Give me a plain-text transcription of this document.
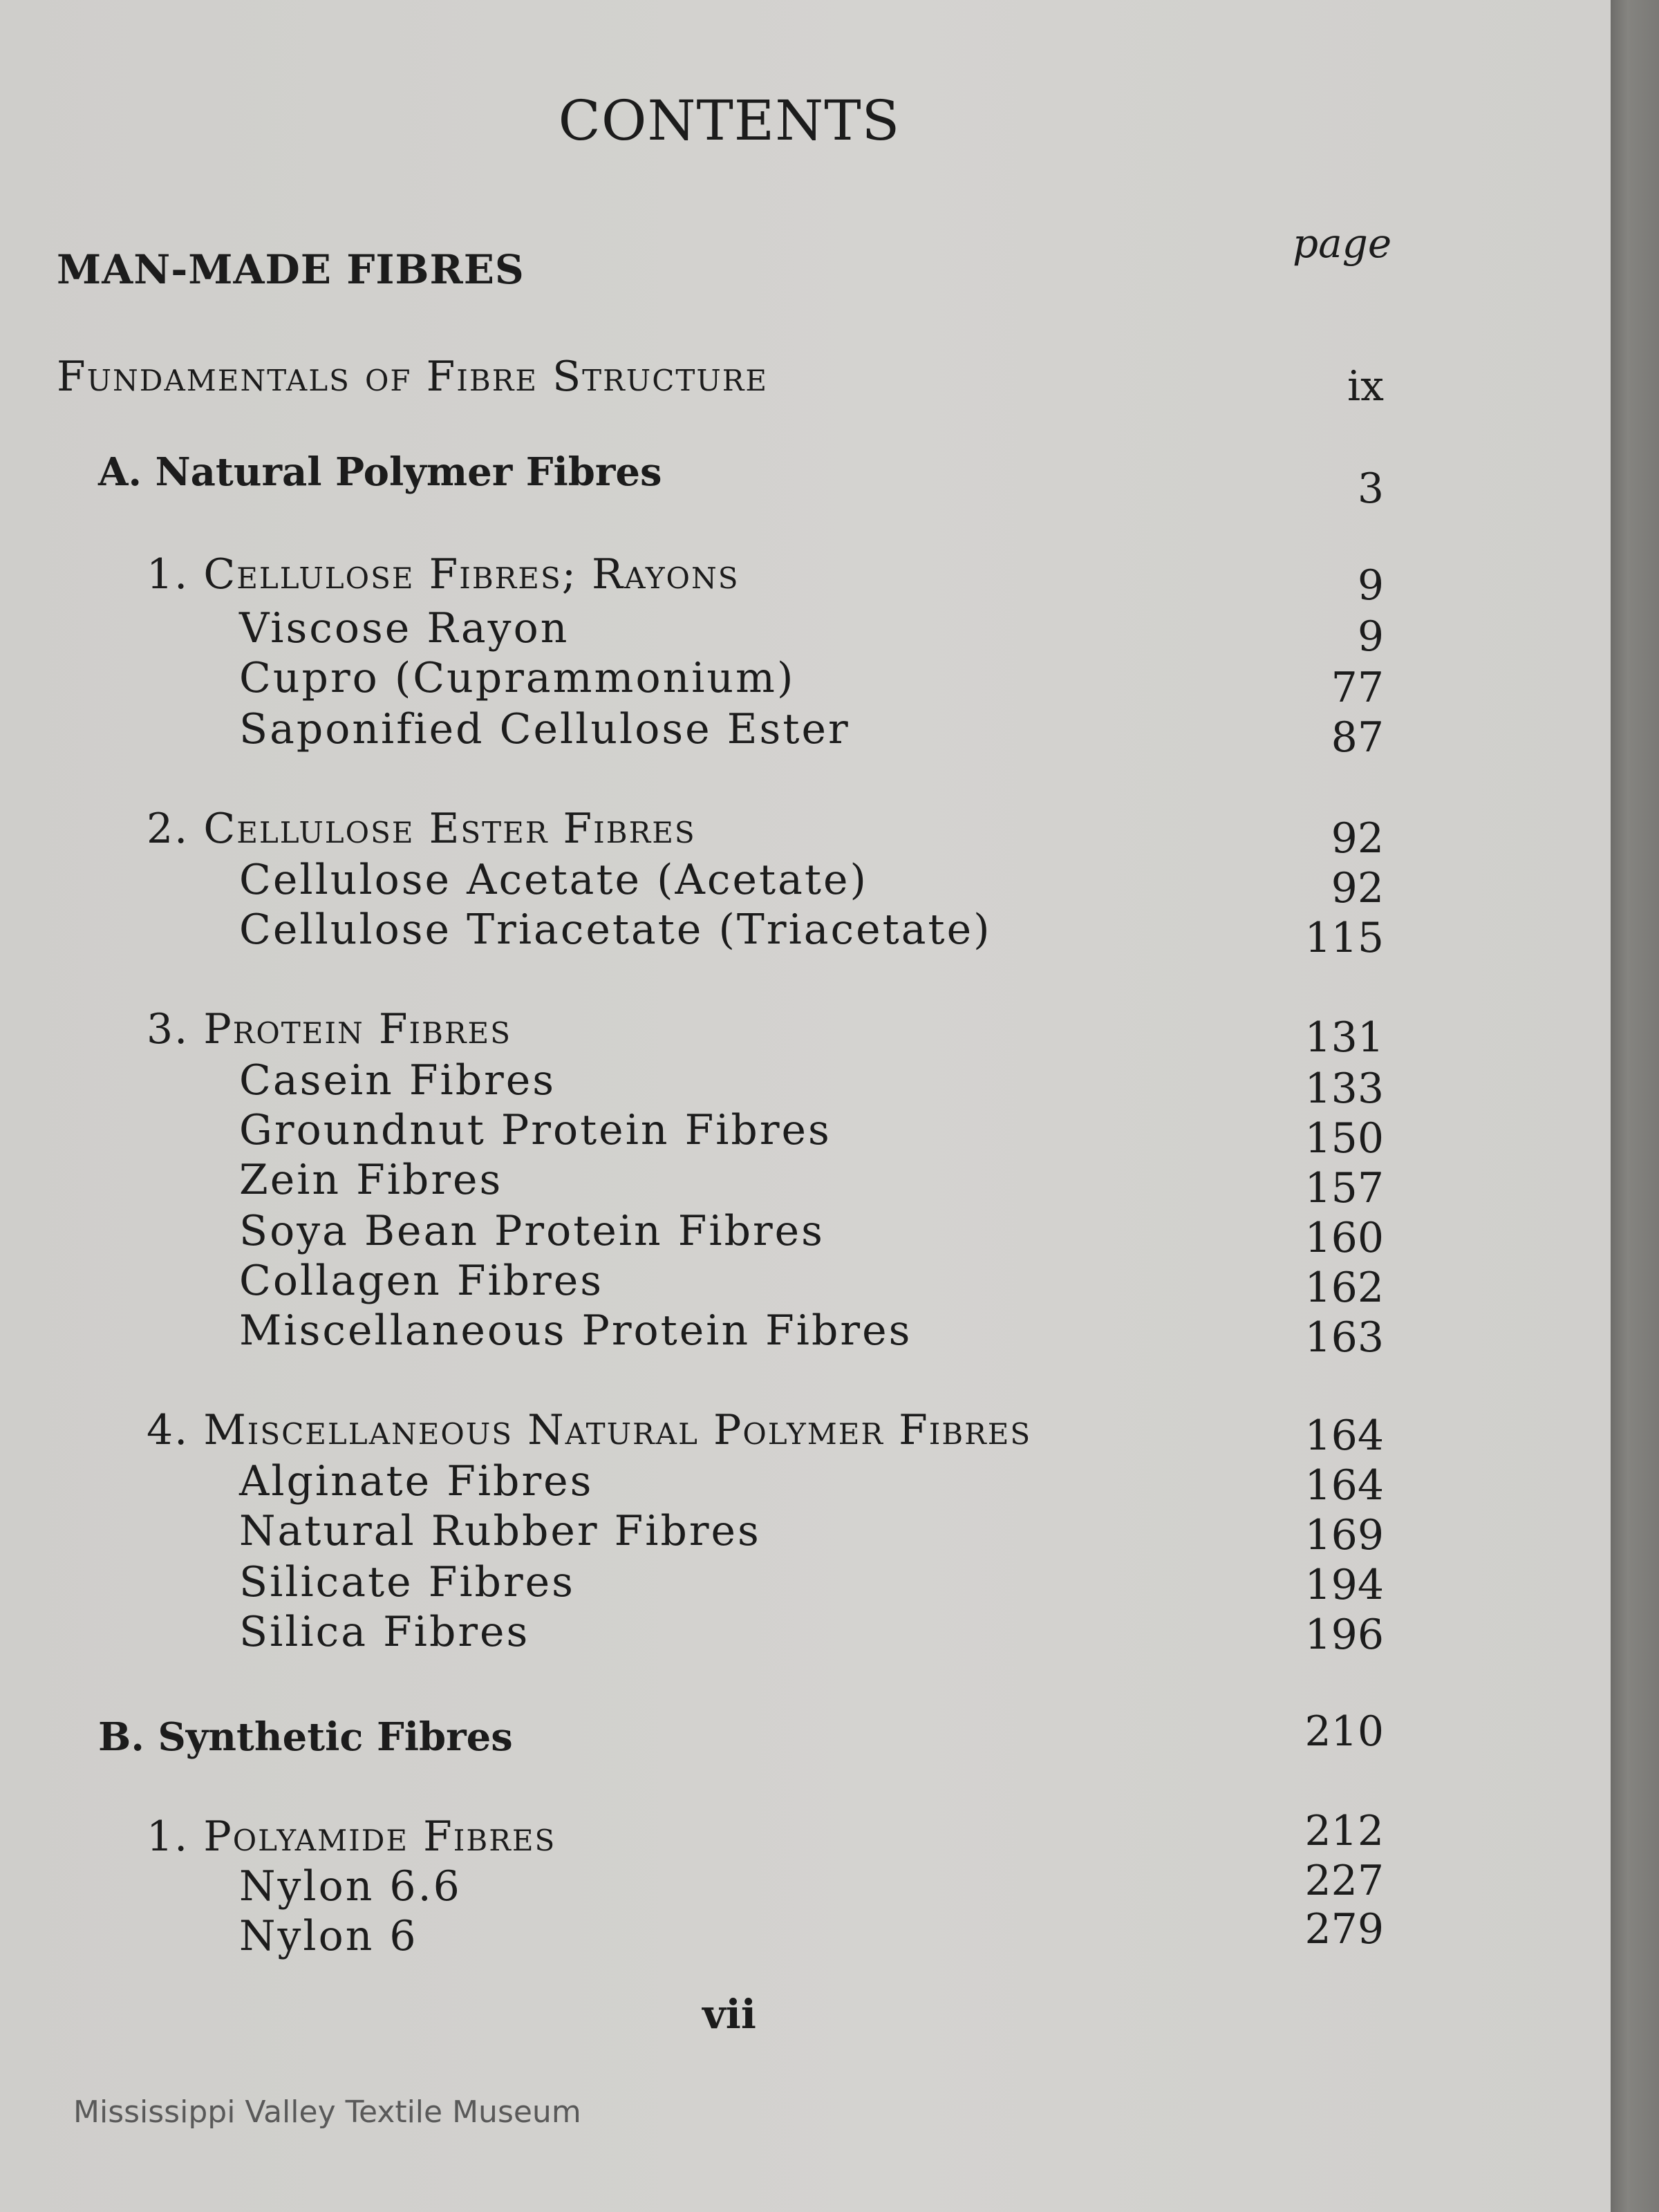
CONTENTS
page
MAN-MADE FIBRES
Fundamentals of Fibre Structure	ix
A. Natural Polymer Fibres	3
1. Cellulose Fibres; Rayons	9
Viscose Rayon	9
Cupro (Cuprammonium)	77
Saponified Cellulose Ester	87
2. Cellulose Ester Fibres	92
Cellulose Acetate (Acetate)	92
Cellulose Triacetate (Triacetate)	115
3. Protein Fibres	131
Casein Fibres	133
Groundnut Protein Fibres	150
Zein Fibres	157
Soya Bean Protein Fibres	160
Collagen Fibres	162
Miscellaneous Protein Fibres	163
4. Miscellaneous Natural Polymer Fibres	164
Alginate Fibres	164
Natural Rubber Fibres	169
Silicate Fibres	194
Silica Fibres	196
B. Synthetic Fibres	210
1. Polyamide Fibres	212
Nylon 6.6	227
Nylon 6	279
vii
Mississippi Valley Textile Museum
